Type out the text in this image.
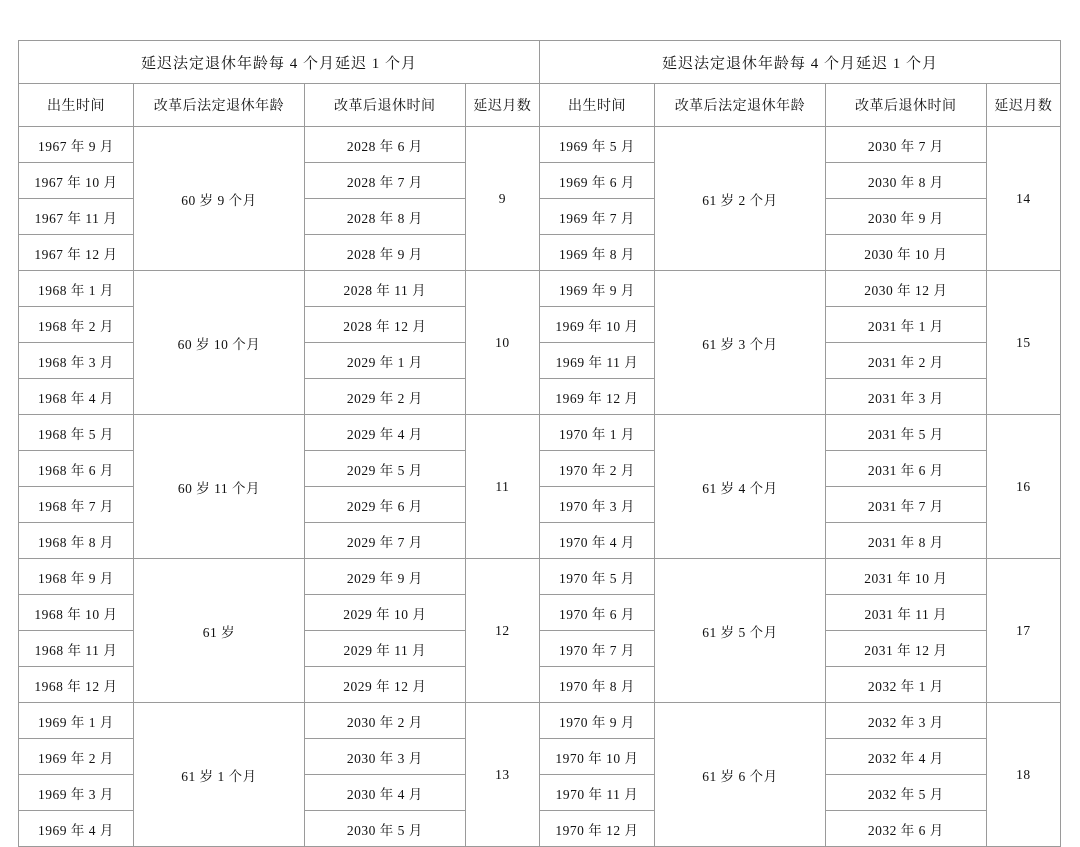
延迟法定退休年龄每 4 个月延迟 1 个月			
出生时间	改革后法定退休年龄	改革后退休时间	延迟月数
1967 年 9 月	60 岁 9 个月	2028 年 6 月	9
1967 年 10 月		2028 年 7 月	
1967 年 11 月		2028 年 8 月	
1967 年 12 月		2028 年 9 月	
1968 年 1 月	60 岁 10 个月	2028 年 11 月	10
1968 年 2 月		2028 年 12 月	
1968 年 3 月		2029 年 1 月	
1968 年 4 月		2029 年 2 月	
1968 年 5 月	60 岁 11 个月	2029 年 4 月	11
1968 年 6 月		2029 年 5 月	
1968 年 7 月		2029 年 6 月	
1968 年 8 月		2029 年 7 月	
1968 年 9 月	61 岁	2029 年 9 月	12
1968 年 10 月		2029 年 10 月	
1968 年 11 月		2029 年 11 月	
1968 年 12 月		2029 年 12 月	
1969 年 1 月	61 岁 1 个月	2030 年 2 月	13
1969 年 2 月		2030 年 3 月	
1969 年 3 月		2030 年 4 月	
1969 年 4 月		2030 年 5 月	
延迟法定退休年龄每 4 个月延迟 1 个月			
出生时间	改革后法定退休年龄	改革后退休时间	延迟月数
1969 年 5 月	61 岁 2 个月	2030 年 7 月	14
1969 年 6 月		2030 年 8 月	
1969 年 7 月		2030 年 9 月	
1969 年 8 月		2030 年 10 月	
1969 年 9 月	61 岁 3 个月	2030 年 12 月	15
1969 年 10 月		2031 年 1 月	
1969 年 11 月		2031 年 2 月	
1969 年 12 月		2031 年 3 月	
1970 年 1 月	61 岁 4 个月	2031 年 5 月	16
1970 年 2 月		2031 年 6 月	
1970 年 3 月		2031 年 7 月	
1970 年 4 月		2031 年 8 月	
1970 年 5 月	61 岁 5 个月	2031 年 10 月	17
1970 年 6 月		2031 年 11 月	
1970 年 7 月		2031 年 12 月	
1970 年 8 月		2032 年 1 月	
1970 年 9 月	61 岁 6 个月	2032 年 3 月	18
1970 年 10 月		2032 年 4 月	
1970 年 11 月		2032 年 5 月	
1970 年 12 月		2032 年 6 月	
